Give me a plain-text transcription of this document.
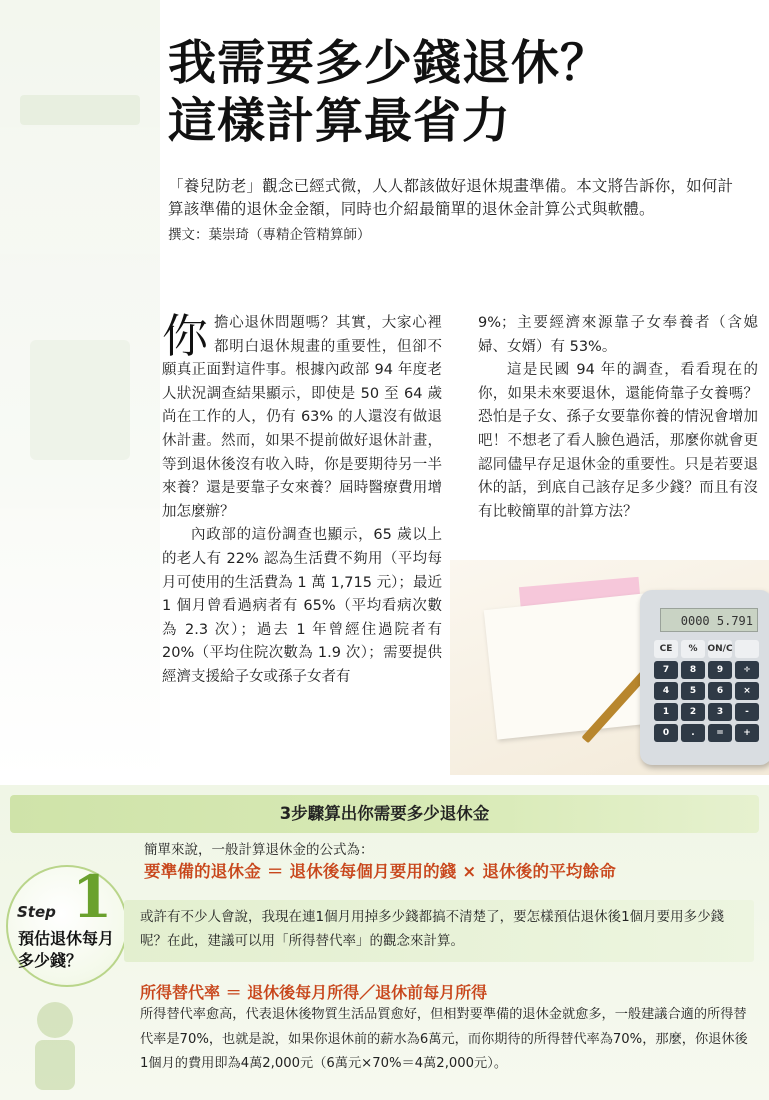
我需要多少錢退休？
這樣計算最省力
「養兒防老」觀念已經式微，人人都該做好退休規畫準備。本文將告訴你，如何計算該準備的退休金金額，同時也介紹最簡單的退休金計算公式與軟體。
撰文：葉崇琦（專精企管精算師）

你擔心退休問題嗎？其實，大家心裡都明白退休規畫的重要性，但卻不願真正面對這件事。根據內政部 94 年度老人狀況調查結果顯示，即使是 50 至 64 歲尚在工作的人，仍有 63% 的人還沒有做退休計畫。然而，如果不提前做好退休計畫，等到退休後沒有收入時，你是要期待另一半來養？還是要靠子女來養？屆時醫療費用增加怎麼辦？

內政部的這份調查也顯示，65 歲以上的老人有 22% 認為生活費不夠用（平均每月可使用的生活費為 1 萬 1,715 元）；最近 1 個月曾看過病者有 65%（平均看病次數為 2.3 次）；過去 1 年曾經住過院者有 20%（平均住院次數為 1.9 次）；需要提供經濟支援給子女或孫子女者有

9%；主要經濟來源靠子女奉養者（含媳婦、女婿）有 53%。

這是民國 94 年的調查，看看現在的你，如果未來要退休，還能倚靠子女養嗎？恐怕是子女、孫子女要靠你養的情況會增加吧！不想老了看人臉色過活，那麼你就會更認同儘早存足退休金的重要性。只是若要退休的話，到底自己該存足多少錢？而且有沒有比較簡單的計算方法？

0000 5.791
CE	%	ON/C
7	8	9	÷
4	5	6	×
1	2	3	-
0	.	=	+
3步驟算出你需要多少退休金
簡單來說，一般計算退休金的公式為：
要準備的退休金 ＝ 退休後每個月要用的錢 × 退休後的平均餘命
Step 1
預估退休每月多少錢？
或許有不少人會說，我現在連1個月用掉多少錢都搞不清楚了，要怎樣預估退休後1個月要用多少錢呢？在此，建議可以用「所得替代率」的觀念來計算。
所得替代率 ＝ 退休後每月所得／退休前每月所得
所得替代率愈高，代表退休後物質生活品質愈好，但相對要準備的退休金就愈多，一般建議合適的所得替代率是70%，也就是說，如果你退休前的薪水為6萬元，而你期待的所得替代率為70%，那麼，你退休後1個月的費用即為4萬2,000元（6萬元×70%＝4萬2,000元）。
